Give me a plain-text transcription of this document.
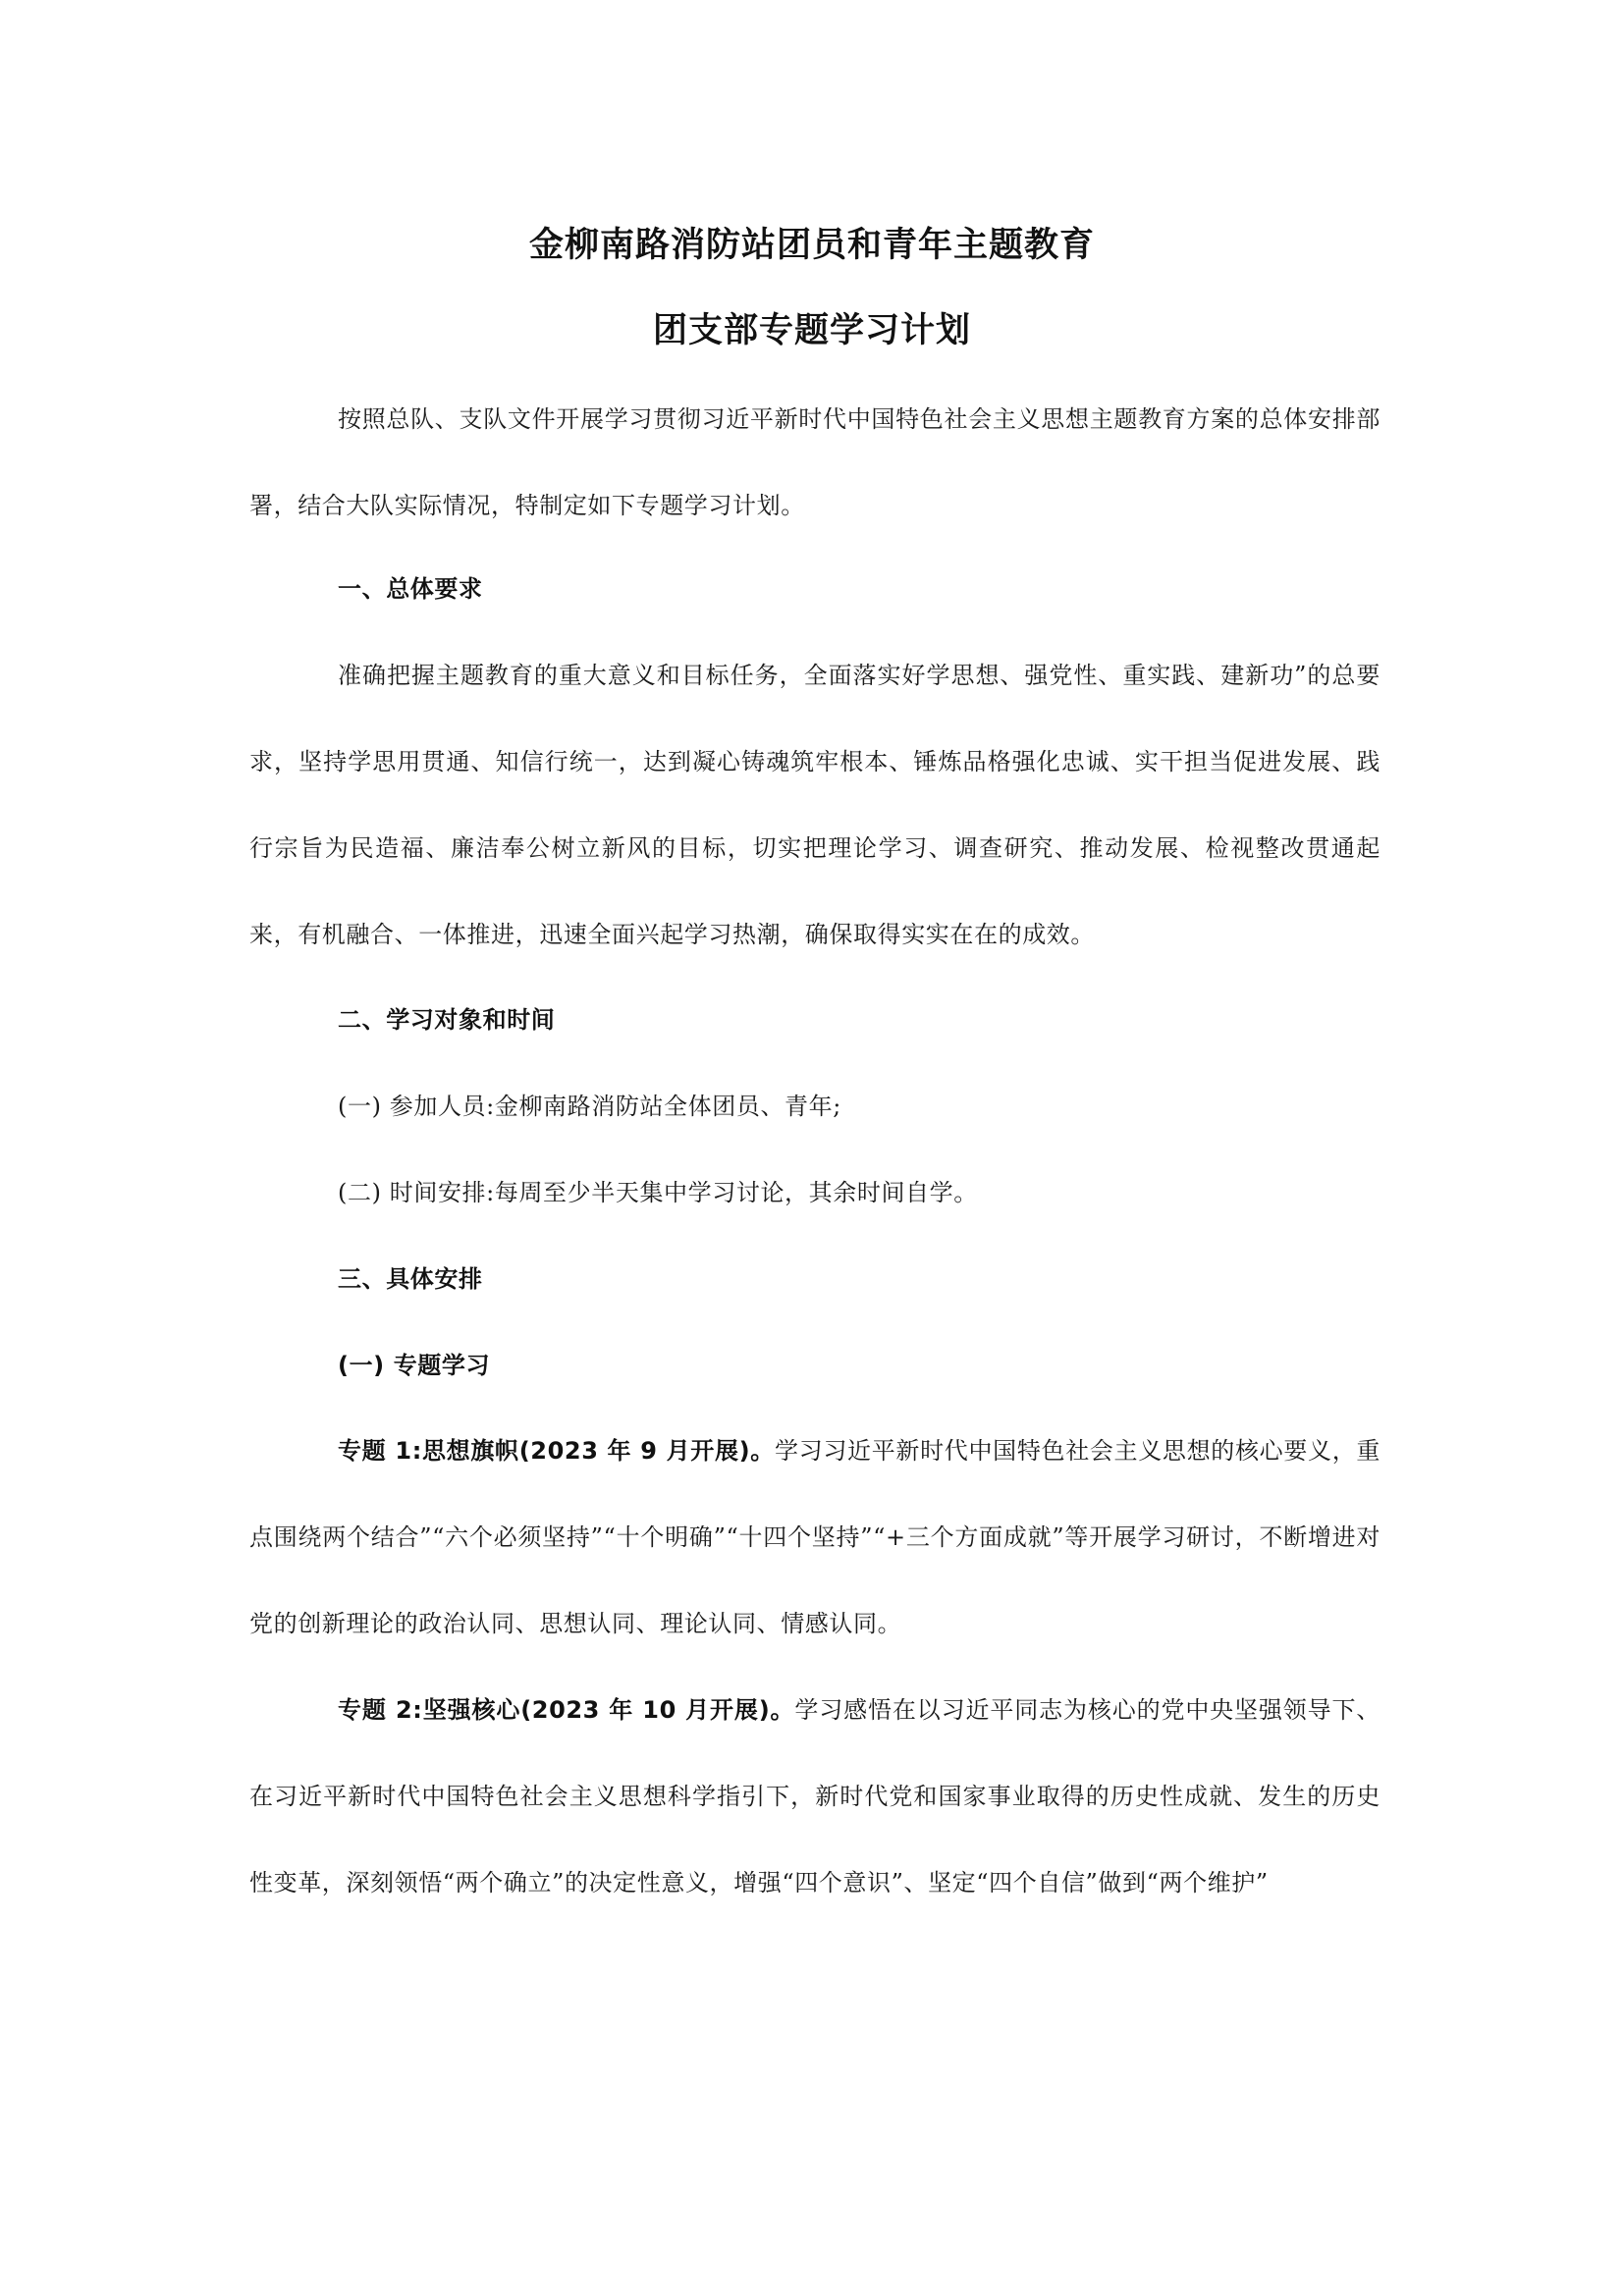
金柳南路消防站团员和青年主题教育
团支部专题学习计划

按照总队、支队文件开展学习贯彻习近平新时代中国特色社会主义思想主题教育方案的总体安排部署，结合大队实际情况，特制定如下专题学习计划。

一、总体要求

准确把握主题教育的重大意义和目标任务，全面落实好学思想、强党性、重实践、建新功”的总要求，坚持学思用贯通、知信行统一，达到凝心铸魂筑牢根本、锤炼品格强化忠诚、实干担当促进发展、践行宗旨为民造福、廉洁奉公树立新风的目标，切实把理论学习、调查研究、推动发展、检视整改贯通起来，有机融合、一体推进，迅速全面兴起学习热潮，确保取得实实在在的成效。

二、学习对象和时间

(一) 参加人员:金柳南路消防站全体团员、青年;

(二) 时间安排:每周至少半天集中学习讨论，其余时间自学。

三、具体安排
(一) 专题学习

专题 1:思想旗帜(2023 年 9 月开展)。学习习近平新时代中国特色社会主义思想的核心要义，重点围绕两个结合”“六个必须坚持”“十个明确”“十四个坚持”“+三个方面成就”等开展学习研讨，不断增进对党的创新理论的政治认同、思想认同、理论认同、情感认同。

专题 2:坚强核心(2023 年 10 月开展)。学习感悟在以习近平同志为核心的党中央坚强领导下、在习近平新时代中国特色社会主义思想科学指引下，新时代党和国家事业取得的历史性成就、发生的历史性变革，深刻领悟“两个确立”的决定性意义，增强“四个意识”、坚定“四个自信”做到“两个维护”
